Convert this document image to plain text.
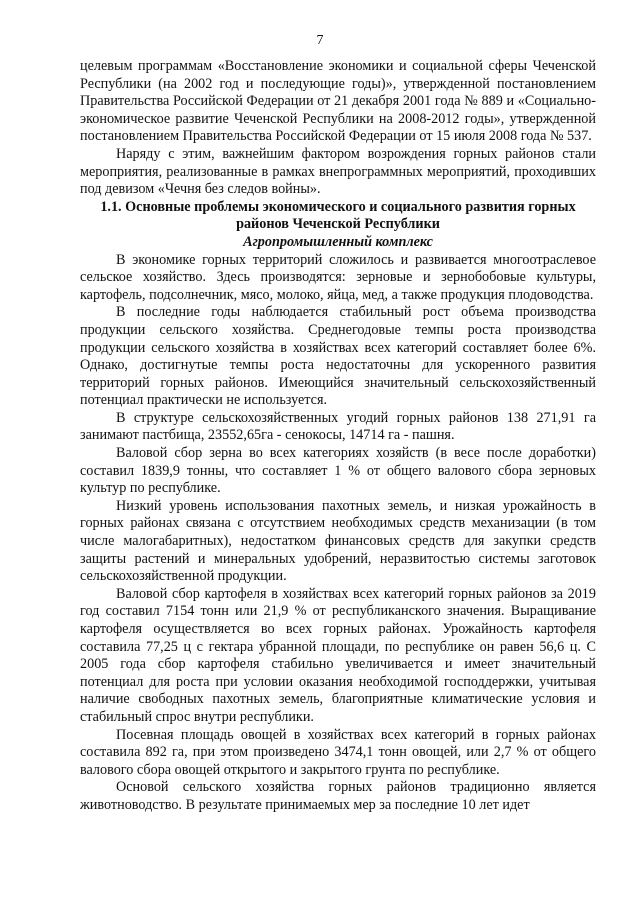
7

целевым программам «Восстановление экономики и социальной сферы Чеченской Республики (на 2002 год и последующие годы)», утвержденной постановлением Правительства Российской Федерации от 21 декабря 2001 года № 889 и «Социально-экономическое развитие Чеченской Республики на 2008-2012 годы», утвержденной постановлением Правительства Российской Федерации от 15 июля 2008 года № 537.

Наряду с этим, важнейшим фактором возрождения горных районов стали мероприятия, реализованные в рамках внепрограммных мероприятий, проходивших под девизом «Чечня без следов войны».

1.1. Основные проблемы экономического и социального развития горных районов Чеченской Республики

Агропромышленный комплекс

В экономике горных территорий сложилось и развивается многоотраслевое сельское хозяйство. Здесь производятся: зерновые и зернобобовые культуры, картофель, подсолнечник, мясо, молоко, яйца, мед, а также продукция плодоводства.

В последние годы наблюдается стабильный рост объема производства продукции сельского хозяйства. Среднегодовые темпы роста производства продукции сельского хозяйства в хозяйствах всех категорий составляет более 6%. Однако, достигнутые темпы роста недостаточны для ускоренного развития территорий горных районов. Имеющийся значительный сельскохозяйственный потенциал практически не используется.

В структуре сельскохозяйственных угодий горных районов 138 271,91 га занимают пастбища, 23552,65га - сенокосы, 14714 га - пашня.

Валовой сбор зерна во всех категориях хозяйств (в весе после доработки) составил 1839,9 тонны, что составляет 1 % от общего валового сбора зерновых культур по республике.

Низкий уровень использования пахотных земель, и низкая урожайность в горных районах связана с отсутствием необходимых средств механизации (в том числе малогабаритных), недостатком финансовых средств для закупки средств защиты растений и минеральных удобрений, неразвитостью системы заготовок сельскохозяйственной продукции.

Валовой сбор картофеля в хозяйствах всех категорий горных районов за 2019 год составил 7154 тонн или 21,9 % от республиканского значения. Выращивание картофеля осуществляется во всех горных районах. Урожайность картофеля составила 77,25 ц с гектара убранной площади, по республике он равен 56,6 ц. С 2005 года сбор картофеля стабильно увеличивается и имеет значительный потенциал для роста при условии оказания необходимой господдержки, учитывая наличие свободных пахотных земель, благоприятные климатические условия и стабильный спрос внутри республики.

Посевная площадь овощей в хозяйствах всех категорий в горных районах составила 892 га, при этом произведено 3474,1 тонн овощей, или 2,7 % от общего валового сбора овощей открытого и закрытого грунта по республике.

Основой сельского хозяйства горных районов традиционно является животноводство. В результате принимаемых мер за последние 10 лет идет
